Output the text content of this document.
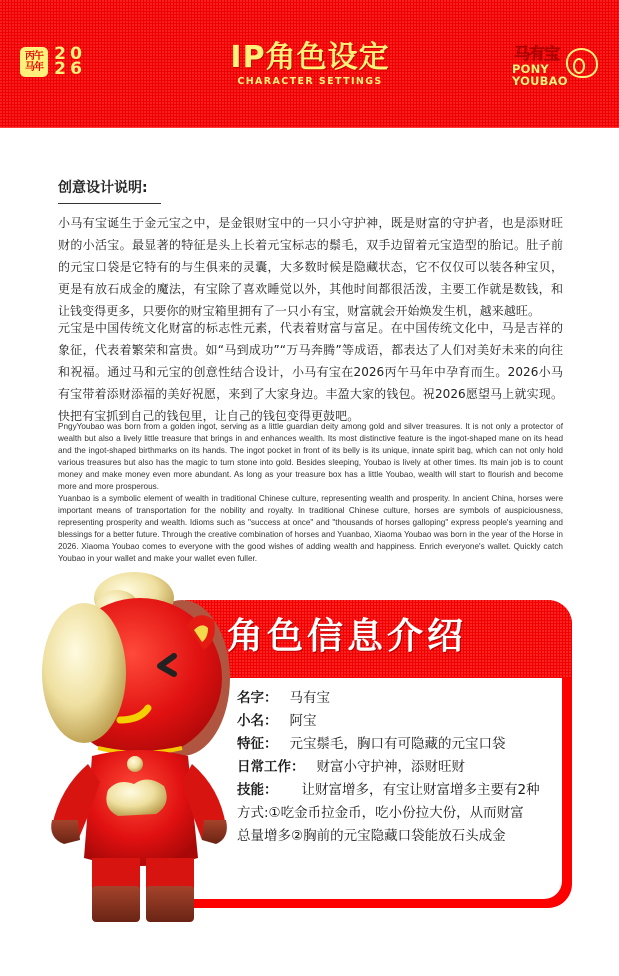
丙午
马年
2 0
2 6	IP角色设定
CHARACTER SETTINGS
马有宝
PONY
YOUBAO
创意设计说明:

小马有宝诞生于金元宝之中，是金银财宝中的一只小守护神，既是财富的守护者，也是添财旺财的小活宝。最显著的特征是头上长着元宝标志的鬃毛，双手边留着元宝造型的胎记。肚子前的元宝口袋是它特有的与生俱来的灵囊，大多数时候是隐藏状态，它不仅仅可以装各种宝贝，更是有放石成金的魔法，有宝除了喜欢睡觉以外，其他时间都很活泼，主要工作就是数钱，和让钱变得更多，只要你的财宝箱里拥有了一只小有宝，财富就会开始焕发生机，越来越旺。

元宝是中国传统文化财富的标志性元素，代表着财富与富足。在中国传统文化中，马是吉祥的象征，代表着繁荣和富贵。如“马到成功”“万马奔腾”等成语，都表达了人们对美好未来的向往和祝福。通过马和元宝的创意性结合设计，小马有宝在2026丙午马年中孕育而生。2026小马有宝带着添财添福的美好祝愿，来到了大家身边。丰盈大家的钱包。祝2026愿望马上就实现。快把有宝抓到自己的钱包里，让自己的钱包变得更鼓吧。

PngyYoubao was born from a golden ingot, serving as a little guardian deity among gold and silver treasures. It is not only a protector of wealth but also a lively little treasure that brings in and enhances wealth. Its most distinctive feature is the ingot-shaped mane on its head and the ingot-shaped birthmarks on its hands. The ingot pocket in front of its belly is its unique, innate spirit bag, which can not only hold various treasures but also has the magic to turn stone into gold. Besides sleeping, Youbao is lively at other times. Its main job is to count money and make money even more abundant. As long as your treasure box has a little Youbao, wealth will start to flourish and become more and more prosperous.

Yuanbao is a symbolic element of wealth in traditional Chinese culture, representing wealth and prosperity. In ancient China, horses were important means of transportation for the nobility and royalty. In traditional Chinese culture, horses are symbols of auspiciousness, representing prosperity and wealth. Idioms such as "success at once" and "thousands of horses galloping" express people's yearning and blessings for a better future. Through the creative combination of horses and Yuanbao, Xiaoma Youbao was born in the year of the Horse in 2026. Xiaoma Youbao comes to everyone with the good wishes of adding wealth and happiness. Enrich everyone's wallet. Quickly catch Youbao in your wallet and make your wallet even fuller.

角色信息介绍
名字： 马有宝
小名： 阿宝
特征： 元宝鬃毛，胸口有可隐藏的元宝口袋
日常工作： 财富小守护神，添财旺财
技能： 让财富增多，有宝让财富增多主要有2种
方式:①吃金币拉金币，吃小份拉大份，从而财富
总量增多②胸前的元宝隐藏口袋能放石头成金
